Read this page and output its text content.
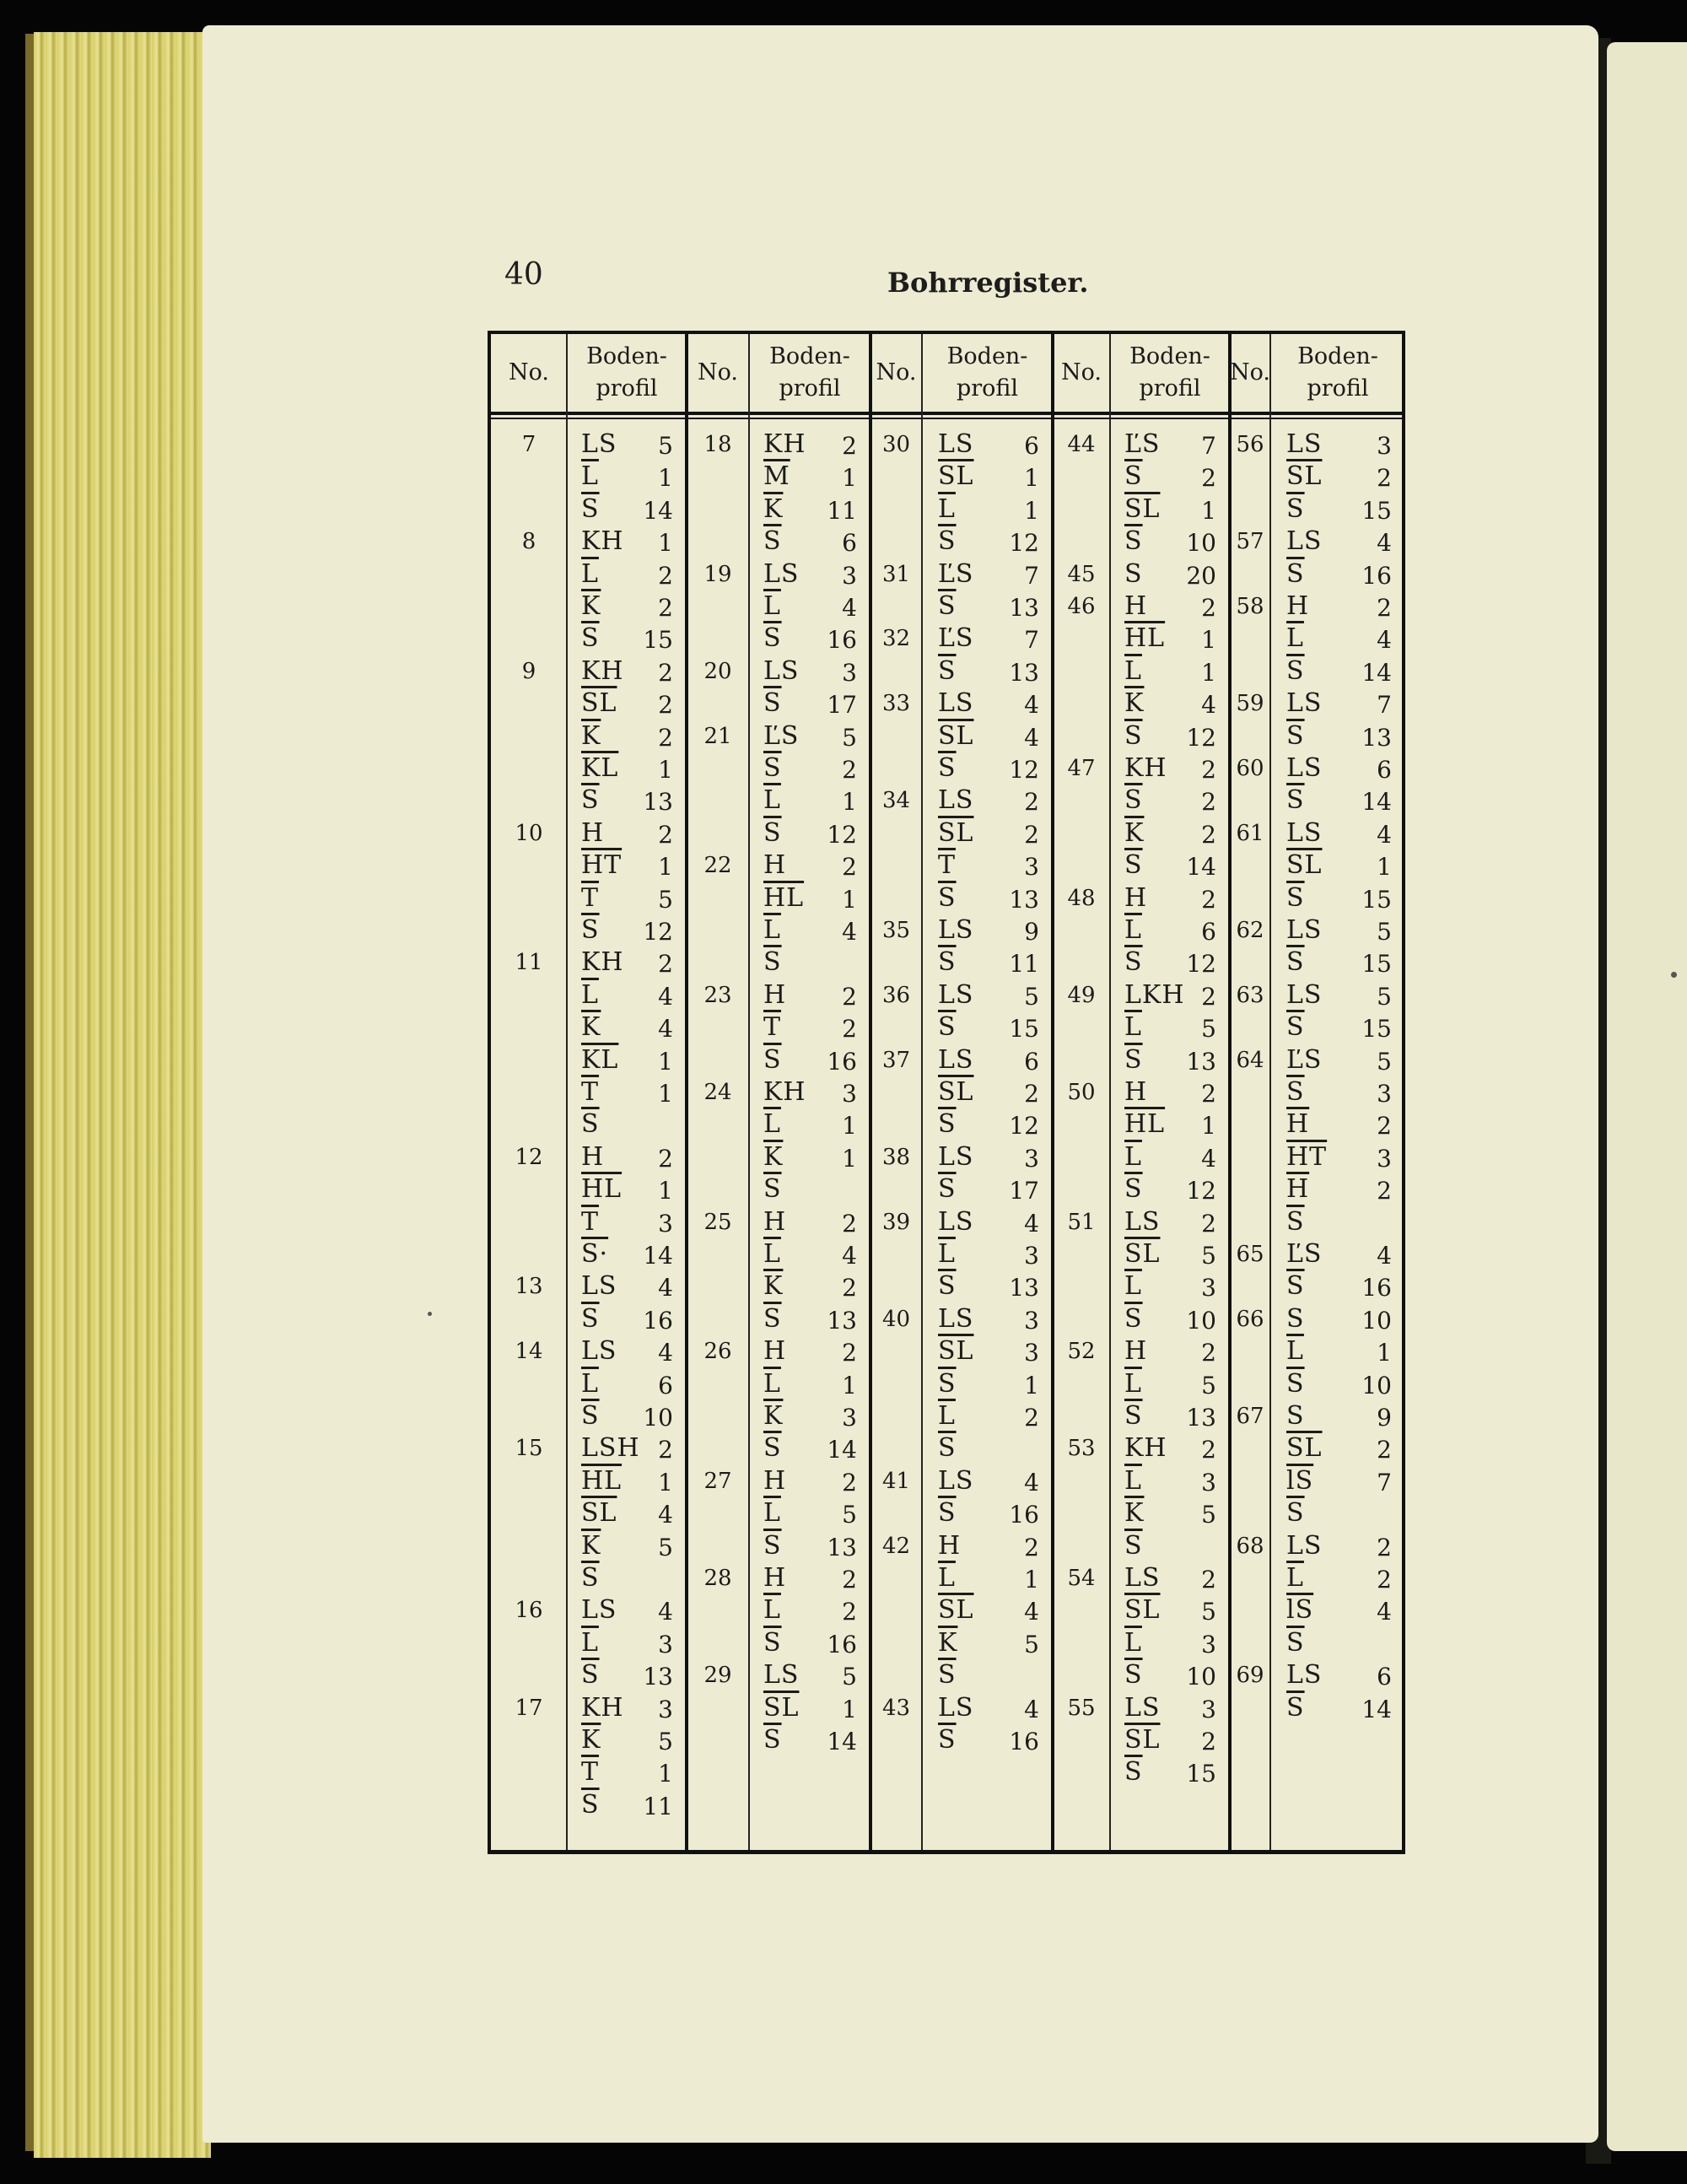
40	Bohrregister.
No.
Boden-
profil
7 LS	5
$\overline{L}$	1
$\overline{S}$ 14
8 KH	1
$\overline{L}$	2
$\overline{K}$	2
$\overline{S}$ 15
9 KH	2
$\overline{SL}$	2
$\overline{K}$	2
$\overline{KL}$	1
$\overline{S}$ 13
10 H	2
$\overline{HT}$	1
$\overline{T}$	5
$\overline{S}$ 12
11 KH	2
$\overline{L}$	4
$\overline{K}$	4
$\overline{KL}$	1
$\overline{T}$	1
$\overline{S}$
12 H	2
$\overline{HL}$	1
$\overline{T}$	3
S· 14
13 LS	4
$\overline{S}$ 16
14 LS	4
$\overline{L}$	6
$\overline{S}$ 10
15 LSH 2
$\overline{HL}$	1
$\overline{SL}$	4
$\overline{K}$	5
$\overline{S}$
16 LS	4
$\overline{L}$	3
$\overline{S}$ 13
17 KH	3
$\overline{K}$	5
$\overline{T}$	1
$\overline{S}$ 11
No.
Boden-
profil
18 KH	2
$\overline{M}$	1
$\overline{K}$ 11
$\overline{S}$	6
19 LS	3
$\overline{L}$	4
$\overline{S}$ 16
20 LS	3
$\overline{S}$ 17
21 ĽS	5
$\overline{S}$	2
$\overline{L}$	1
$\overline{S}$ 12
22 H	2
$\overline{HL}$	1
$\overline{L}$	4
$\overline{S}$
23 H	2
$\overline{T}$	2
$\overline{S}$ 16
24 KH	3
$\overline{L}$	1
$\overline{K}$	1
$\overline{S}$
25 H	2
$\overline{L}$	4
$\overline{K}$	2
$\overline{S}$ 13
26 H	2
$\overline{L}$	1
$\overline{K}$	3
$\overline{S}$ 14
27 H	2
$\overline{L}$	5
$\overline{S}$ 13
28 H	2
$\overline{L}$	2
$\overline{S}$ 16
29 LS	5
$\overline{SL}$	1
$\overline{S}$ 14
No.
Boden-
profil
30 LS	6
$\overline{SL}$	1
$\overline{L}$	1
$\overline{S}$ 12
31 ĽS	7
$\overline{S}$ 13
32 ĽS	7
$\overline{S}$ 13
33 LS	4
$\overline{SL}$	4
$\overline{S}$ 12
34 LS	2
$\overline{SL}$	2
$\overline{T}$	3
$\overline{S}$ 13
35 LS	9
$\overline{S}$ 11
36 LS	5
$\overline{S}$ 15
37 LS	6
$\overline{SL}$	2
$\overline{S}$ 12
38 LS	3
$\overline{S}$ 17
39 LS	4
$\overline{L}$	3
$\overline{S}$ 13
40 LS	3
$\overline{SL}$	3
$\overline{S}$	1
$\overline{L}$	2
$\overline{S}$
41 LS	4
$\overline{S}$ 16
42 H	2
$\overline{L}$	1
$\overline{SL}$	4
$\overline{K}$	5
$\overline{S}$
43 LS	4
$\overline{S}$ 16
No.
Boden-
profil
44 ĽS	7
$\overline{S}$	2
$\overline{SL}$	1
$\overline{S}$ 10
45 S 20
46 H	2
$\overline{HL}$	1
$\overline{L}$	1
$\overline{K}$	4
$\overline{S}$ 12
47 KH	2
$\overline{S}$	2
$\overline{K}$	2
$\overline{S}$ 14
48 H	2
$\overline{L}$	6
$\overline{S}$ 12
49 LKH 2
$\overline{L}$	5
$\overline{S}$ 13
50 H	2
$\overline{HL}$	1
$\overline{L}$	4
$\overline{S}$ 12
51 LS	2
$\overline{SL}$	5
$\overline{L}$	3
$\overline{S}$ 10
52 H	2
$\overline{L}$	5
$\overline{S}$ 13
53 KH	2
$\overline{L}$	3
$\overline{K}$	5
$\overline{S}$
54 LS	2
$\overline{SL}$	5
$\overline{L}$	3
$\overline{S}$ 10
55 LS	3
$\overline{SL}$	2
$\overline{S}$ 15
No.
Boden-
profil
56 LS	3
$\overline{SL}$	2
$\overline{S}$ 15
57 LS	4
$\overline{S}$ 16
58 H	2
$\overline{L}$	4
$\overline{S}$ 14
59 LS	7
$\overline{S}$ 13
60 LS	6
$\overline{S}$ 14
61 LS	4
$\overline{SL}$	1
$\overline{S}$ 15
62 LS	5
$\overline{S}$ 15
63 LS	5
$\overline{S}$ 15
64 ĽS	5
$\overline{S}$	3
$\overline{H}$	2
$\overline{HT}$	3
$\overline{H}$	2
$\overline{S}$
65 ĽS	4
$\overline{S}$ 16
66 S 10
$\overline{L}$	1
$\overline{S}$ 10
67 S	9
$\overline{SL}$	2
$\overline{lS}$	7
$\overline{S}$
68 LS	2
$\overline{L}$	2
$\overline{lS}$	4
$\overline{S}$
69 LS	6
$\overline{S}$ 14
